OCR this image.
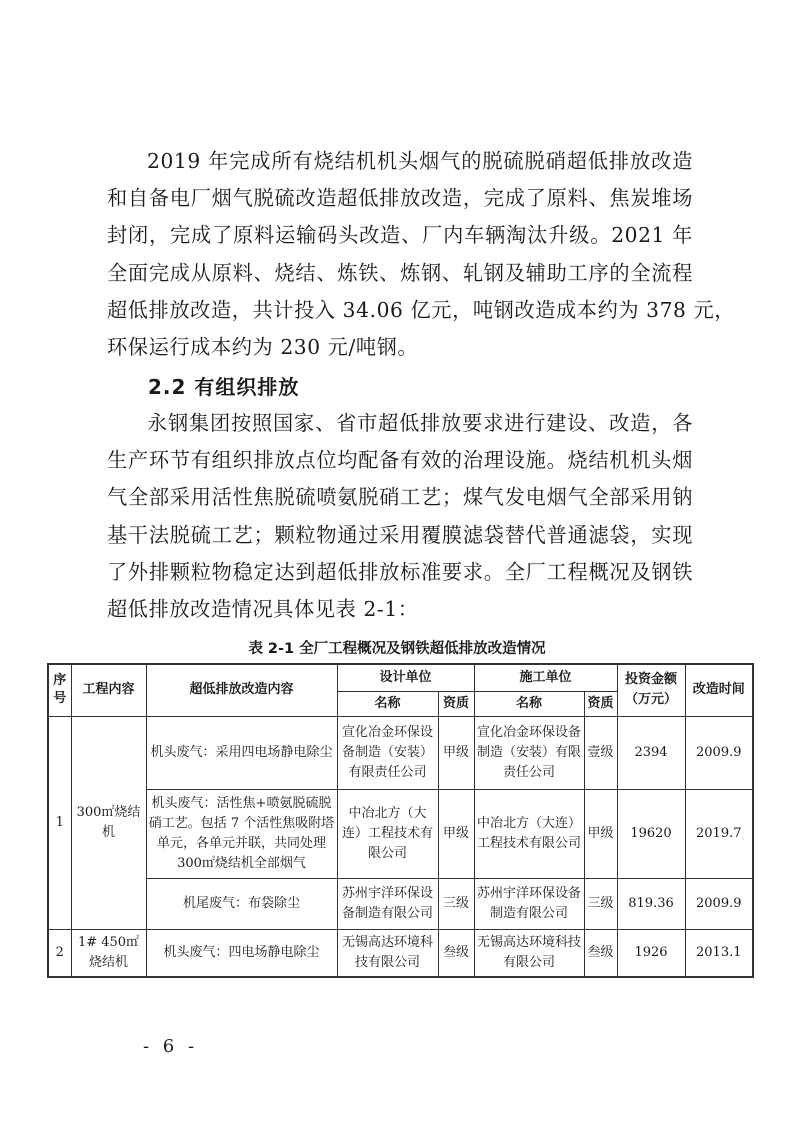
2019 年完成所有烧结机机头烟气的脱硫脱硝超低排放改造
和自备电厂烟气脱硫改造超低排放改造，完成了原料、焦炭堆场
封闭，完成了原料运输码头改造、厂内车辆淘汰升级。2021 年
全面完成从原料、烧结、炼铁、炼钢、轧钢及辅助工序的全流程
超低排放改造，共计投入 34.06 亿元，吨钢改造成本约为 378 元，
环保运行成本约为 230 元/吨钢。
2.2 有组织排放
永钢集团按照国家、省市超低排放要求进行建设、改造，各
生产环节有组织排放点位均配备有效的治理设施。烧结机机头烟
气全部采用活性焦脱硫喷氨脱硝工艺；煤气发电烟气全部采用钠
基干法脱硫工艺；颗粒物通过采用覆膜滤袋替代普通滤袋，实现
了外排颗粒物稳定达到超低排放标准要求。全厂工程概况及钢铁
超低排放改造情况具体见表 2-1：
表 2-1 全厂工程概况及钢铁超低排放改造情况
序号	工程内容	超低排放改造内容	设计单位		施工单位		投资金额（万元）	改造时间
			名称	资质	名称	资质		
1	300㎡烧结机	机头废气：采用四电场静电除尘	宣化冶金环保设备制造（安装）有限责任公司	甲级	宣化冶金环保设备制造（安装）有限责任公司	壹级	2394	2009.9
		机头废气：活性焦+喷氨脱硫脱硝工艺。包括 7 个活性焦吸附塔单元，各单元并联，共同处理 300㎡烧结机全部烟气	中冶北方（大连）工程技术有限公司	甲级	中冶北方（大连）工程技术有限公司	甲级	19620	2019.7
		机尾废气：布袋除尘	苏州宇洋环保设备制造有限公司	三级	苏州宇洋环保设备制造有限公司	三级	819.36	2009.9
2	1# 450㎡烧结机	机头废气：四电场静电除尘	无锡高达环境科技有限公司	叁级	无锡高达环境科技有限公司	叁级	1926	2013.1
- 6 -
